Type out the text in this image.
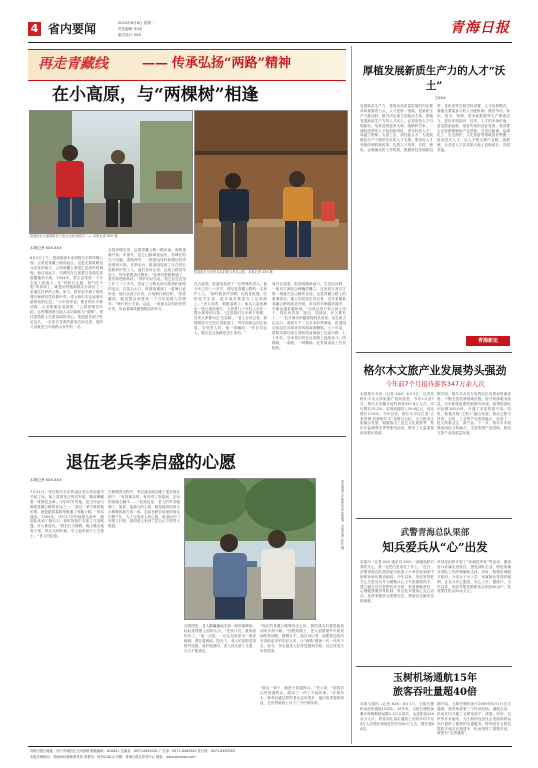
4 省内要闻	2024年8月6日 星期一
责任编辑 张XX
版式设计 XXX	青海日报
再走青藏线	—— 传承弘扬“两路”精神
在小高原，与“两棵树”相逢
报道组在五道梁附近与老兵交谈(前排左二)。本报记者 XXX 摄
报道组在当年的兵站旧址与老兵合影。本报记者 XXX 摄
本报记者 XXX XXX
8月5日上午，报道组驱车来到格尔木将军楼公园。这里是青藏公路的起点，也是无数筑路官兵出发的地方。公园里矗立着慕生忠将军的铜像，他目视远方，仿佛仍在注视着这条通往高原腹地的天路。1954年，慕生忠带领一千多名驼工和战士，在“风吹石头跑、氧气吃不饱”的高原上，硬是用铁锹和镐头开辟出了一条通往拉萨的公路。如今，将军亲手栽下的两棵白杨树依然枝繁叶茂，成为格尔木这座城市最珍贵的记忆。“当年将军说，要在格尔木种活树，让戈壁滩变成绿洲。”公园管理员介绍，这两棵树被当地人亲切地称为“望柳”，寄托着筑路人扎根高原的决心。报道组在树下驻足良久，一位来自甘肃的游客告诉记者，他的父亲就是当年筑路大军中的一员。
从将军楼出发，沿着青藏公路一路向南，海拔逐渐升高。车窗外，昆仑山脉绵延起伏，雪峰在阳光下闪耀。道路两旁，一根根电线杆和通信铁塔延伸到天际。在纳赤台，报道组见到了正在进行道路养护的工人。他们告诉记者，这段公路常年冻土，每年都要进行修补。“前辈们把路修通了，我们要把路养好。”养护站站长说，他已经在这里工作了二十多年，见证了公路从砂石路到柏油路的变迁。在昆仑山口，报道组遇到了一群骑行爱好者，他们从西宁出发，计划骑行到拉萨。“来青藏线，就是想亲身感受一下当年筑路人的艰辛。”骑行者小王说。沿途，一座座兵站旧址依然可见，诉说着那段激情燃烧的岁月。
在五道梁，报道组见到了一位特殊的老人。他今年已经八十多岁，曾经是青藏公路的一名养护工人。“那时候条件苦啊，住的是帐篷，吃的是夹生饭，很多战友都留在了这条路上。”老人说着，眼眶湿润了。他从口袋里掏出一张泛黄的照片，上面是几个年轻人站在一棵小树旁的合影。“这是我们当年种下的树，后来大家都叫它‘兄弟树’。”老人告诉记者，那棵树如今已经长得很高了，每年他都会回去看看。告别老人时，他一再嘱咐：“你们年轻人，要记住这条路是怎么来的。”
离开五道梁，报道组继续南行。在沱沱河畔，一座长江源纪念碑巍然矗立。这里是万里长江第一城唐古拉山镇所在地，也是青藏公路上的重要驿站。镇上的居民告诉记者，近年来随着青藏公路的改造升级，来往的车辆越来越多，小镇也越来越热闹。“以前这里只有几间土房子，现在有宾馆、饭店、加油站，什么都有了。”一位开商店的藏族阿妈笑着说。站在唐古拉山口，海拔五千二百多米的界碑前，报道组全体成员向着来时的路深深鞠躬。七十年前，筑路英雄们用生命和热血铺就了这条天路；七十年后，后来者们仍在这条路上接续奋斗。两棵树，一条路，一种精神，在雪域高原上代代相传。
退伍老兵李启盛的心愿
本报记者 XXX XXX
7月31日，家住格尔木市的退伍老兵李启盛早早起了床，换上洗得发白的旧军装，胸前佩戴着一排排纪念章。今年87岁的他，是当年参与修建青藏公路的老兵之一。“我这一辈子最骄傲的事，就是跟着慕将军修通了青藏公路。”李启盛说。1954年，年仅17岁的他报名参军，随部队来到了格尔木。那时的格尔木除了几顶帐篷，什么都没有。“我们白天修路，晚上睡在地窝子里，风沙大的时候，早上起来被子上全是土。”老人回忆道。
在修路的过程中，李启盛亲眼目睹了很多战友倒下。“有的被冻伤，有的得了高原病，还有的被落石砸中……”说到这里，老人的声音哽咽了。他说，他最大的心愿，就是能再回到当年修路的地方看一看，去给长眠在那里的战友们敬个礼。为了完成老人的心愿，报道组专门安排了行程，陪同老人来到了昆仑山下的烈士陵园。	李启盛老人在讲述当年的故事。本报记者 XXX 摄
在陵园里，老人颤巍巍地走到一座座墓碑前，轻轻抚摸着上面的名字。“老伙计们，我来看你们了。”他一边说，一边从包里拿出一瓶青稞酒，洒在墓碑前。阳光下，老人的身影显得格外坚毅。离开陵园时，老人回头望了又望，久久不愿离去。
“现在的青藏公路修得这么好，我的战友们要是能看到该多高兴啊。”回程的路上，老人望着窗外平坦宽阔的柏油路，感慨万千。他告诉记者，他要把这段历史讲给更多的年轻人听，让“两路”精神一代一代传下去。如今，李启盛老人经常受邀到学校、社区讲述当年的故事。
“我这一辈子，就是个普通的兵。”老人说，“但我们这些普通的兵，做成了一件了不起的事。”在格尔木，像李启盛这样的老兵还有很多，他们用青春和热血，在世界屋脊上写下了不朽的传奇。
厚植发展新质生产力的人才“沃土”
王XXX
发展新质生产力，是推动高质量发展的内在要求和重要着力点。人才是第一资源，是新质生产力最活跃、最具决定意义的能动主体。厚植发展新质生产力的人才沃土，必须坚持人才引领驱动，培养造就更多大师、战略科学家、一流科技领军人才和创新团队、青年科技人才、卓越工程师、大国工匠、高技能人才，为发展新质生产力提供坚实的人才支撑。要深化人才发展体制机制改革，完善人才培养、引进、使用、合理流动的工作机制，根据科技发展新趋势，优化高等学校学科设置、人才培养模式。要健全要素参与收入分配机制，激发劳动、知识、技术、管理、资本和数据等生产要素活力，更好体现知识、技术、人才的市场价值，营造鼓励创新、宽容失败的良好氛围。我省要立足资源禀赋和产业基础，在清洁能源、盐湖化工、生态保护、文化旅游等领域加快集聚一批高层次人才，以人才链支撑产业链、创新链，让各类人才在高原大地上竞相成长、各展其能。
青海新论
格尔木文旅产业发展势头强劲
今年前7个月接待游客347万余人次
本报格尔木讯（记者 XXX）8月5日，记者从格尔木市文体旅游广电局获悉，今年1月至7月，格尔木市累计接待游客347.6万人次，同比增长15.2%；实现旅游收入29.8亿元，同比增长17.6%。今年以来，格尔木市以打造“大美青海·宜游格尔木”品牌为目标，大力推进文旅融合发展，相继推出了昆仑文化旅游季、察尔汗盐湖观光季等系列活动，吸引了大量游客前来观光旅游。
据介绍，格尔木市充分发挥区位优势和资源优势，不断完善旅游基础设施，提升旅游服务质量。全市新建改建旅游厕所20座，新增旅游标识标牌100余块，开通了多条旅游专线。同时，积极开展“文旅+”融合发展，推动文旅与体育、农牧、工业等产业深度融合，培育了一批文旅新业态、新产品。下一步，格尔木市将继续深化文旅融合，丰富旅游产品供给，推动文旅产业高质量发展。
武警青海总队果部
知兵爱兵从“心”出发
本报讯（记者 XXX 通讯员 XXX）“谢谢组织对我的关心，我一定把心思用在工作上。”近日，武警青海总队果部某中队战士小李在收到家中困难补助后激动地说。今年以来，该部坚持把关心关爱官兵作为凝聚兵心士气的重要抓手，建立健全官兵思想状况分析、家庭困难帮扶、心理健康服务等机制，常态化开展谈心交心活动，及时掌握官兵思想动态，帮助官兵解决实际困难。
该部还组织开展了“家属进军营”等活动，邀请官兵家属走进营区，感受部队生活，增进家属对部队工作的理解和支持。同时，积极协调地方政府，为官兵子女入学、家属就业等提供便利，让官兵安心服役、安心工作。据统计，今年以来，该部共帮扶困难官兵家庭40余户，发放帮扶资金20余万元。
玉树机场通航15年
旅客吞吐量超40倍
本报玉树讯（记者 XXX）8月1日，玉树巴塘机场迎来通航15周年。15年来，玉树巴塘机场累计保障航班起降2.5万余架次，运送旅客240余万人次，旅客吞吐量由通航之初的年均不足4万人次增长到现在的年均40万人次，增长超40倍。
据介绍，玉树巴塘机场于2009年8月1日正式通航，是青海省第三个民用机场。通航以来，机场先后开通了玉树至西宁、成都、西安、拉萨等多条航线，为玉树州经济社会发展和群众出行提供了便捷的交通服务。特别是在玉树抗震救灾和灾后重建中，机场发挥了重要作用，被誉为“生命通道”。
青海日报社地址：西宁市城西区五四西路·邮政编码：810001 总编室：0971-8483301 广告部：0971-8483302 发行部：0971-8483303
本报法律顾问：青海XXX律师事务所 零售价：每份2.00元 印刷：青海日报社印务中心 网址：www.qhnews.com
